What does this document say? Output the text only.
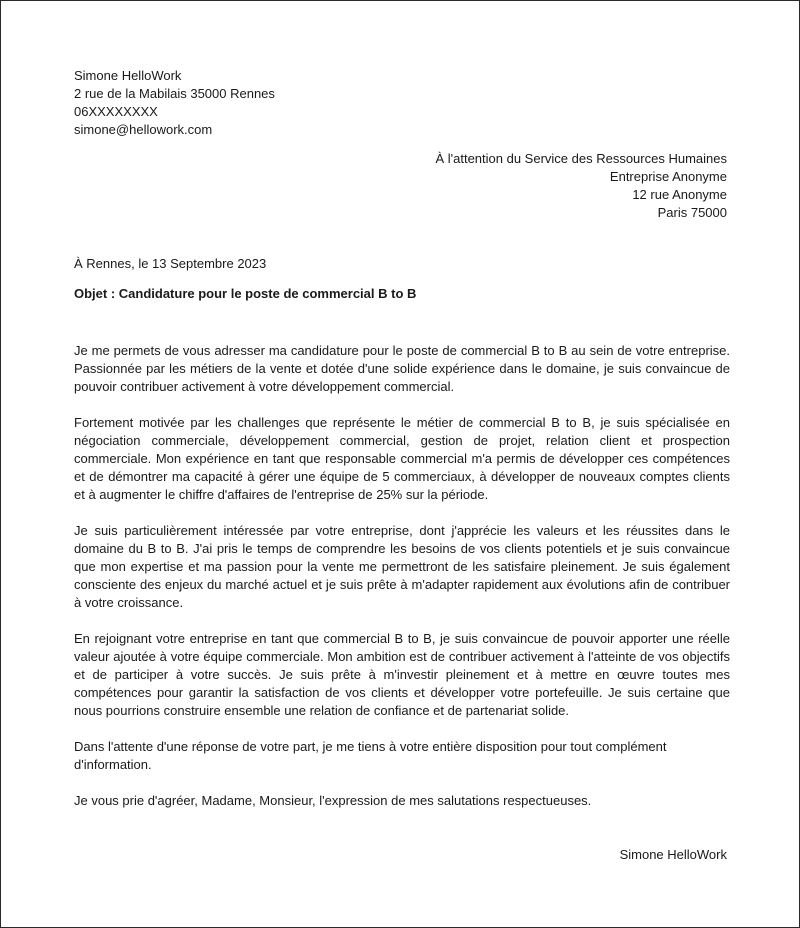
Simone HelloWork
2 rue de la Mabilais 35000 Rennes
06XXXXXXXX
simone@hellowork.com
À l'attention du Service des Ressources Humaines
Entreprise Anonyme
12 rue Anonyme
Paris 75000
À Rennes, le 13 Septembre 2023
Objet : Candidature pour le poste de commercial B to B

Je me permets de vous adresser ma candidature pour le poste de commercial B to B au sein de votre entreprise. Passionnée par les métiers de la vente et dotée d'une solide expérience dans le domaine, je suis convaincue de pouvoir contribuer activement à votre développement commercial.

Fortement motivée par les challenges que représente le métier de commercial B to B, je suis spécialisée en négociation commerciale, développement commercial, gestion de projet, relation client et prospection commerciale. Mon expérience en tant que responsable commercial m'a permis de développer ces compétences et de démontrer ma capacité à gérer une équipe de 5 commerciaux, à développer de nouveaux comptes clients et à augmenter le chiffre d'affaires de l'entreprise de 25% sur la période.

Je suis particulièrement intéressée par votre entreprise, dont j'apprécie les valeurs et les réussites dans le domaine du B to B. J'ai pris le temps de comprendre les besoins de vos clients potentiels et je suis convaincue que mon expertise et ma passion pour la vente me permettront de les satisfaire pleinement. Je suis également consciente des enjeux du marché actuel et je suis prête à m'adapter rapidement aux évolutions afin de contribuer à votre croissance.

En rejoignant votre entreprise en tant que commercial B to B, je suis convaincue de pouvoir apporter une réelle valeur ajoutée à votre équipe commerciale. Mon ambition est de contribuer activement à l'atteinte de vos objectifs et de participer à votre succès. Je suis prête à m'investir pleinement et à mettre en œuvre toutes mes compétences pour garantir la satisfaction de vos clients et développer votre portefeuille. Je suis certaine que nous pourrions construire ensemble une relation de confiance et de partenariat solide.

Dans l'attente d'une réponse de votre part, je me tiens à votre entière disposition pour tout complément d'information.

Je vous prie d'agréer, Madame, Monsieur, l'expression de mes salutations respectueuses.

Simone HelloWork
